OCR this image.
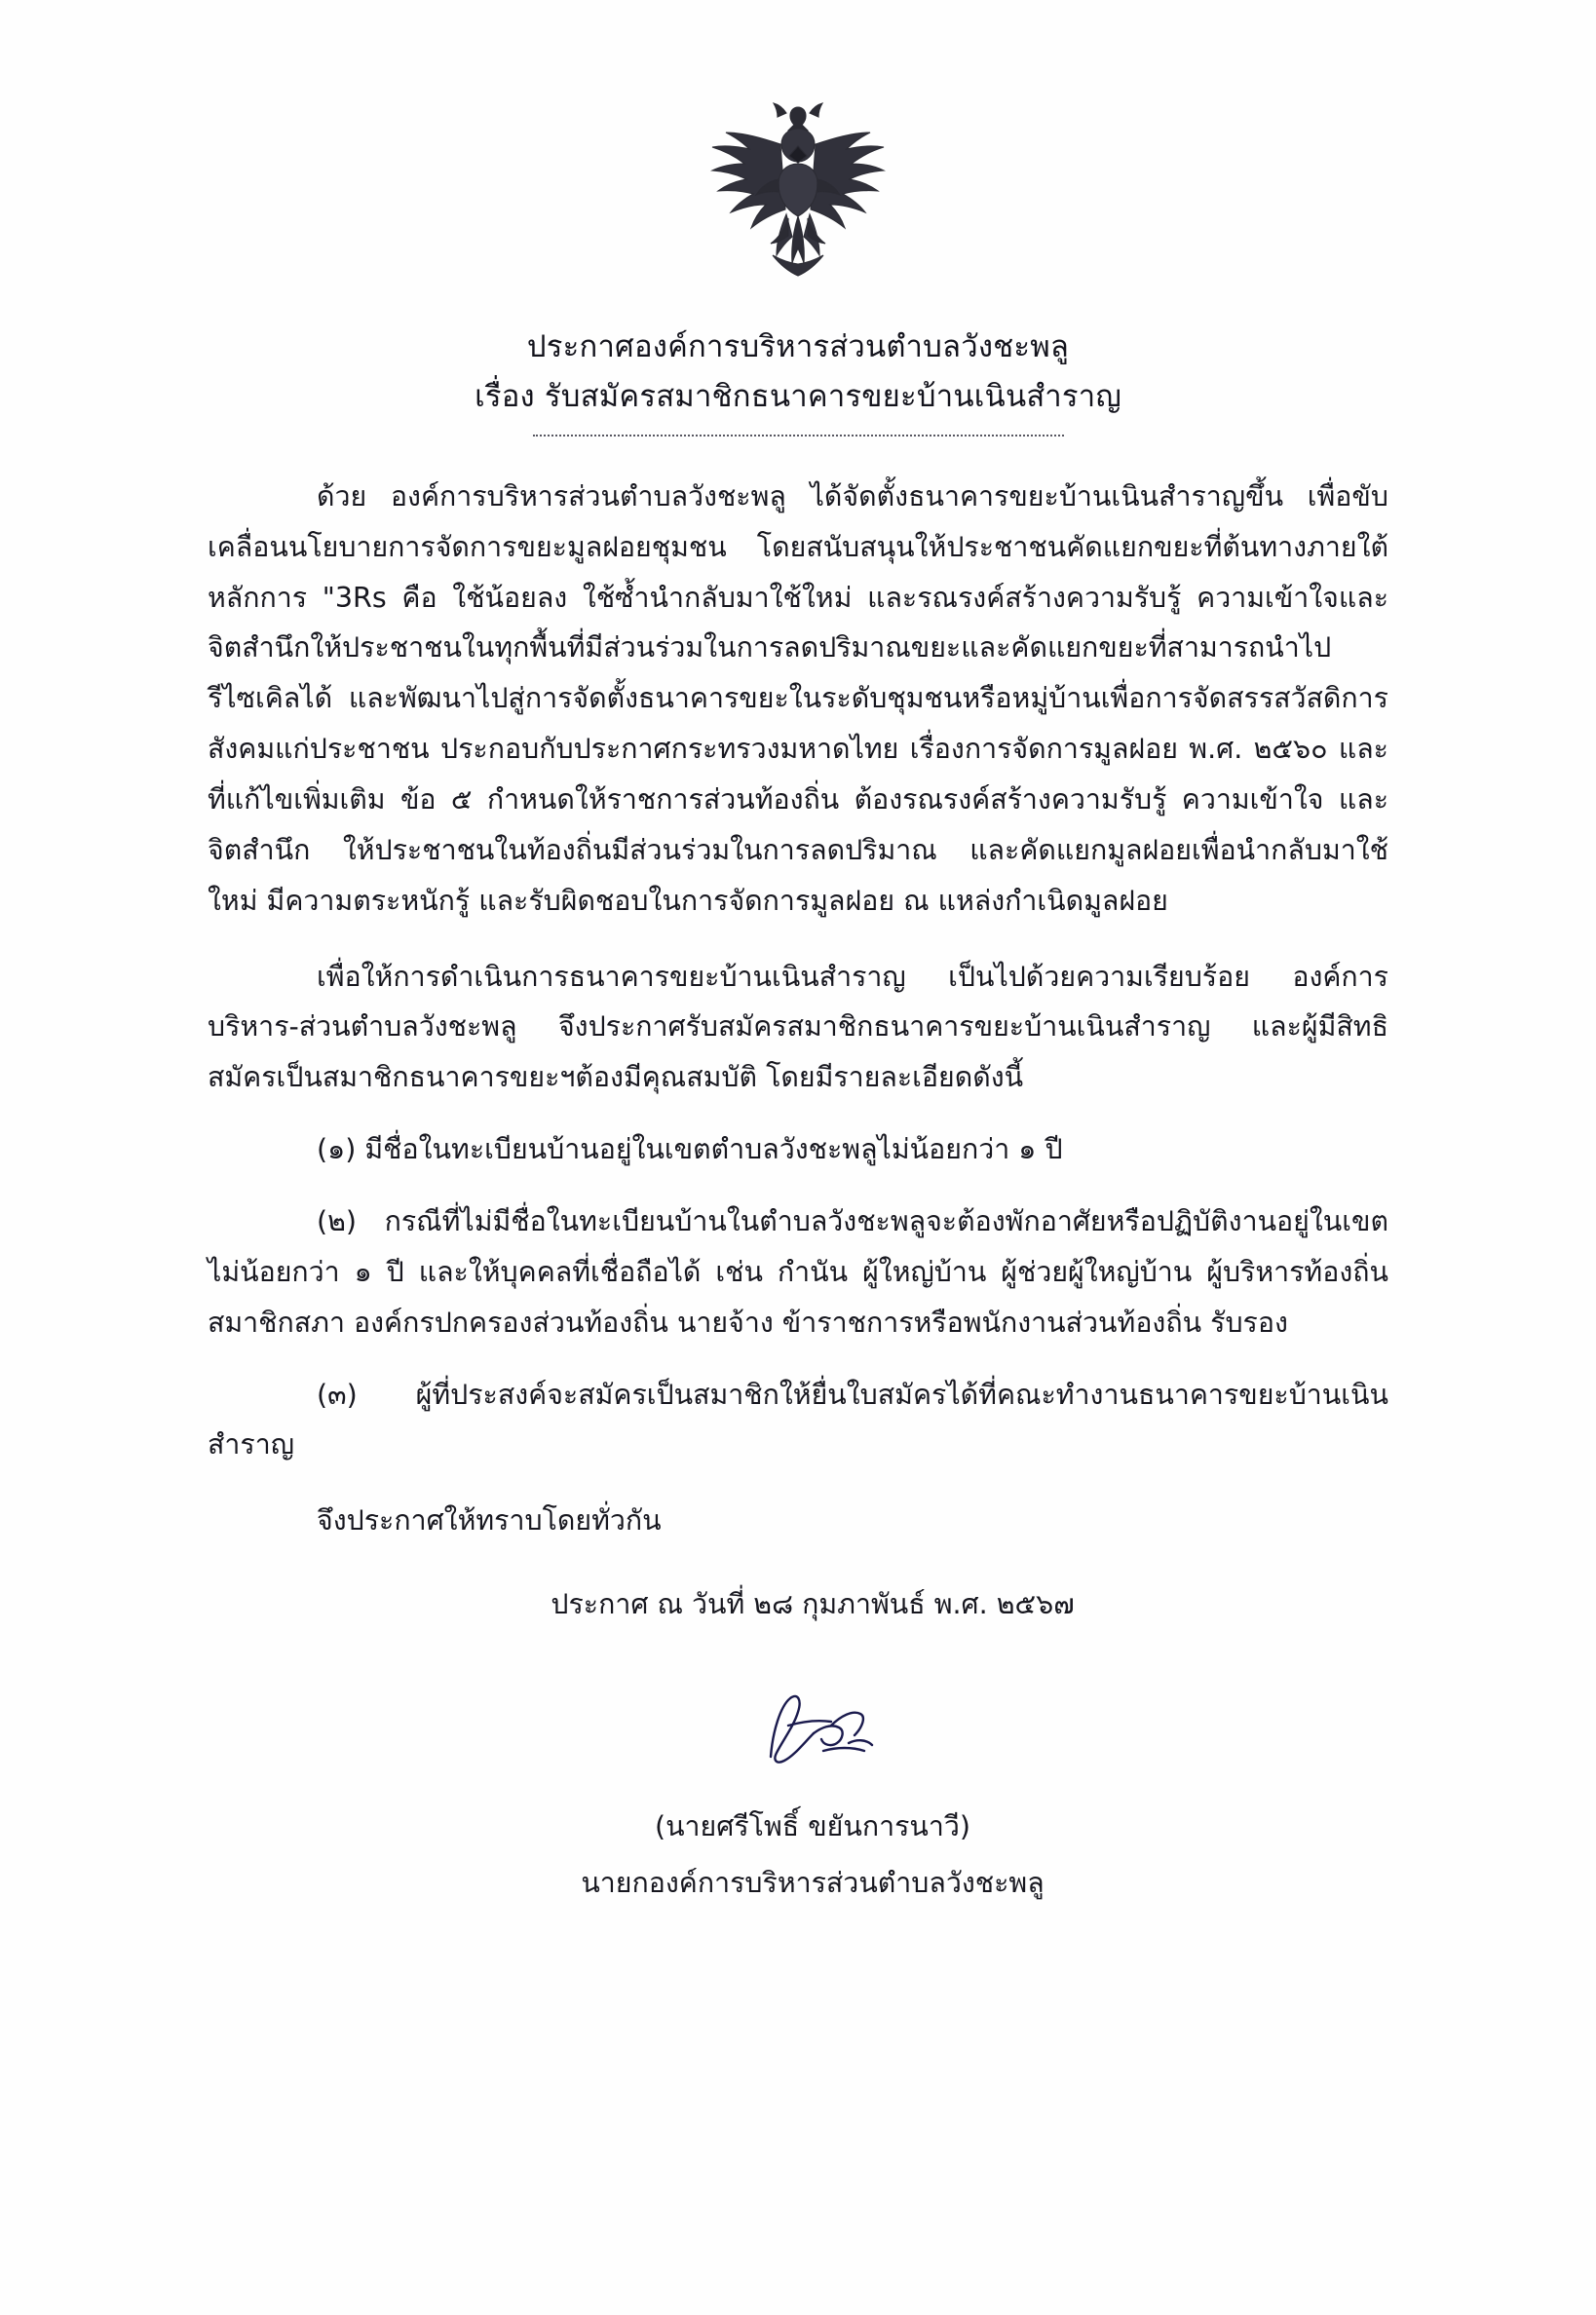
ประกาศองค์การบริหารส่วนตำบลวังชะพลู
เรื่อง รับสมัครสมาชิกธนาคารขยะบ้านเนินสำราญ

ด้วย องค์การบริหารส่วนตำบลวังชะพลู ได้จัดตั้งธนาคารขยะบ้านเนินสำราญขึ้น เพื่อขับเคลื่อนนโยบายการจัดการขยะมูลฝอยชุมชน โดยสนับสนุนให้ประชาชนคัดแยกขยะที่ต้นทางภายใต้หลักการ "3Rs คือ ใช้น้อยลง ใช้ซ้ำนำกลับมาใช้ใหม่ และรณรงค์สร้างความรับรู้ ความเข้าใจและจิตสำนึกให้ประชาชนในทุกพื้นที่มีส่วนร่วมในการลดปริมาณขยะและคัดแยกขยะที่สามารถนำไปรีไซเคิลได้ และพัฒนาไปสู่การจัดตั้งธนาคารขยะในระดับชุมชนหรือหมู่บ้านเพื่อการจัดสรรสวัสดิการสังคมแก่ประชาชน ประกอบกับประกาศกระทรวงมหาดไทย เรื่องการจัดการมูลฝอย พ.ศ. ๒๕๖๐ และที่แก้ไขเพิ่มเติม ข้อ ๕ กำหนดให้ราชการส่วนท้องถิ่น ต้องรณรงค์สร้างความรับรู้ ความเข้าใจ และจิตสำนึก ให้ประชาชนในท้องถิ่นมีส่วนร่วมในการลดปริมาณ และคัดแยกมูลฝอยเพื่อนำกลับมาใช้ใหม่ มีความตระหนักรู้ และรับผิดชอบในการจัดการมูลฝอย ณ แหล่งกำเนิดมูลฝอย

เพื่อให้การดำเนินการธนาคารขยะบ้านเนินสำราญ เป็นไปด้วยความเรียบร้อย องค์การบริหาร-ส่วนตำบลวังชะพลู จึงประกาศรับสมัครสมาชิกธนาคารขยะบ้านเนินสำราญ และผู้มีสิทธิสมัครเป็นสมาชิกธนาคารขยะฯต้องมีคุณสมบัติ โดยมีรายละเอียดดังนี้

(๑) มีชื่อในทะเบียนบ้านอยู่ในเขตตำบลวังชะพลูไม่น้อยกว่า ๑ ปี

(๒) กรณีที่ไม่มีชื่อในทะเบียนบ้านในตำบลวังชะพลูจะต้องพักอาศัยหรือปฏิบัติงานอยู่ในเขตไม่น้อยกว่า ๑ ปี และให้บุคคลที่เชื่อถือได้ เช่น กำนัน ผู้ใหญ่บ้าน ผู้ช่วยผู้ใหญ่บ้าน ผู้บริหารท้องถิ่น สมาชิกสภา องค์กรปกครองส่วนท้องถิ่น นายจ้าง ข้าราชการหรือพนักงานส่วนท้องถิ่น รับรอง

(๓) ผู้ที่ประสงค์จะสมัครเป็นสมาชิกให้ยื่นใบสมัครได้ที่คณะทำงานธนาคารขยะบ้านเนินสำราญ

จึงประกาศให้ทราบโดยทั่วกัน

ประกาศ ณ วันที่ ๒๘ กุมภาพันธ์ พ.ศ. ๒๕๖๗
(นายศรีโพธิ์ ขยันการนาวี)
นายกองค์การบริหารส่วนตำบลวังชะพลู
